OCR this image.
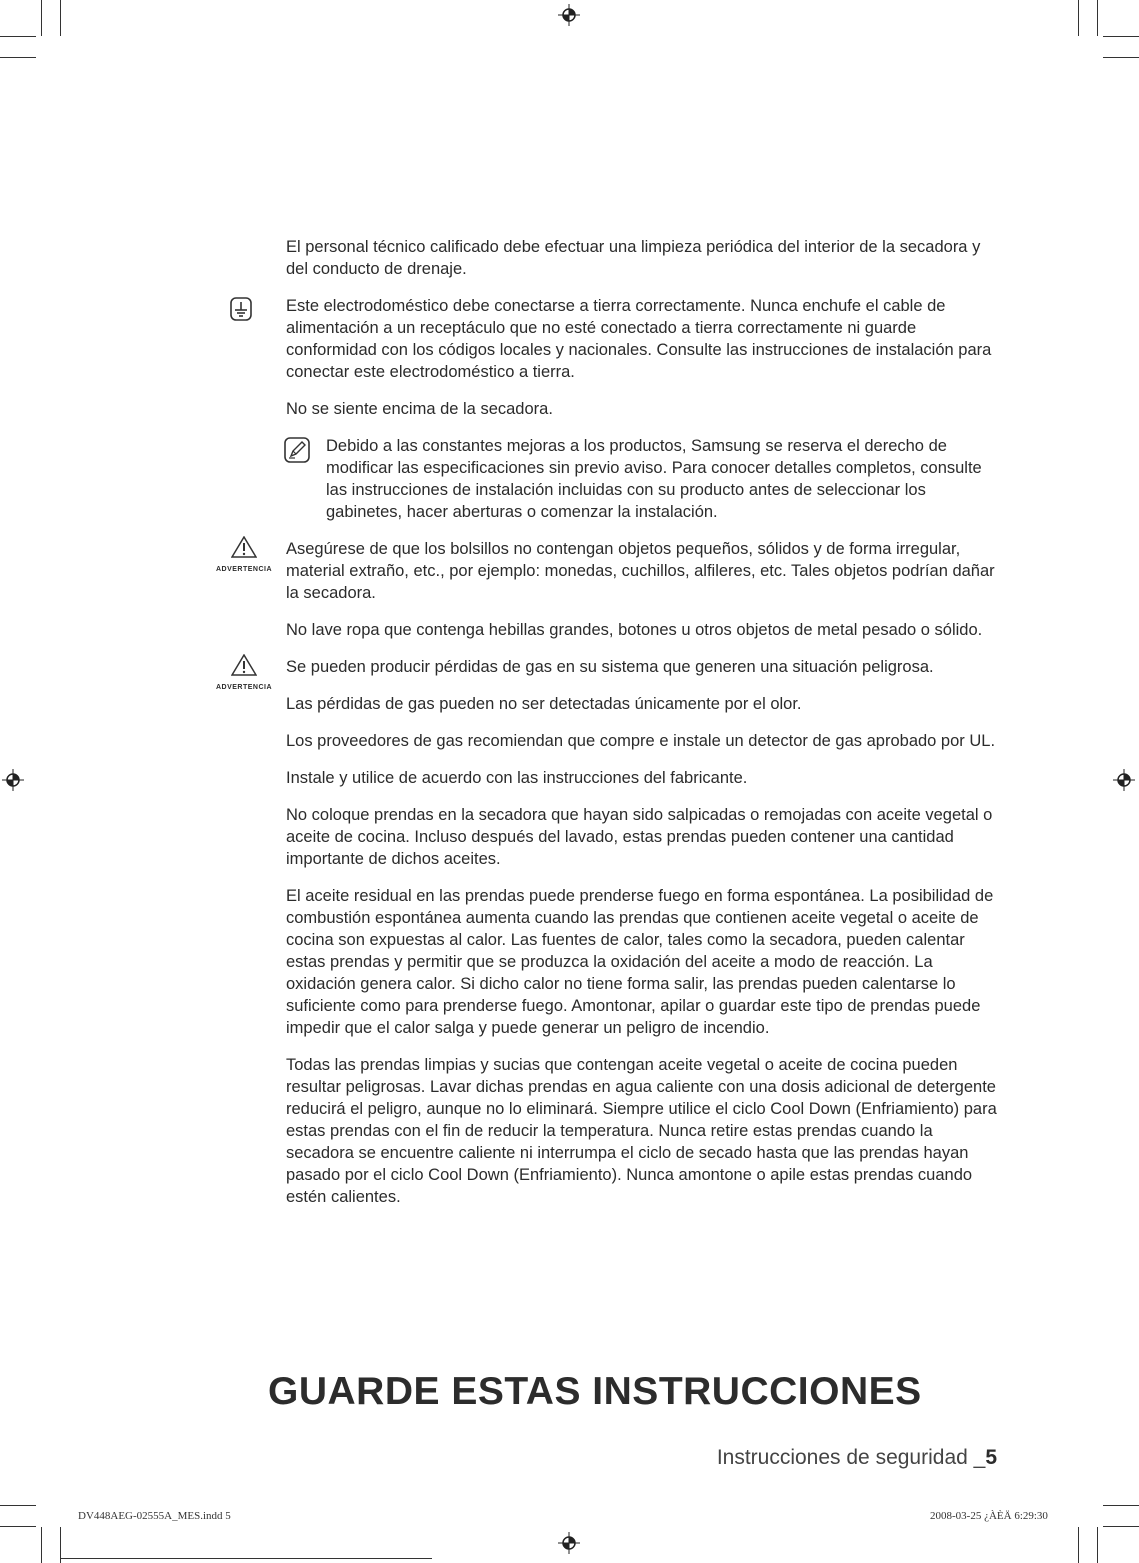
El personal técnico calificado debe efectuar una limpieza periódica del interior de la secadora y del conducto de drenaje.

Este electrodoméstico debe conectarse a tierra correctamente. Nunca enchufe el cable de alimentación a un receptáculo que no esté conectado a tierra correctamente ni guarde conformidad con los códigos locales y nacionales. Consulte las instrucciones de instalación para conectar este electrodoméstico a tierra.

No se siente encima de la secadora.

Debido a las constantes mejoras a los productos, Samsung se reserva el derecho de modificar las especificaciones sin previo aviso. Para conocer detalles completos, consulte las instrucciones de instalación incluidas con su producto antes de seleccionar los gabinetes, hacer aberturas o comenzar la instalación.
ADVERTENCIA
Asegúrese de que los bolsillos no contengan objetos pequeños, sólidos y de forma irregular, material extraño, etc., por ejemplo: monedas, cuchillos, alfileres, etc. Tales objetos podrían dañar la secadora.

No lave ropa que contenga hebillas grandes, botones u otros objetos de metal pesado o sólido.

ADVERTENCIA
Se pueden producir pérdidas de gas en su sistema que generen una situación peligrosa.

Las pérdidas de gas pueden no ser detectadas únicamente por el olor.

Los proveedores de gas recomiendan que compre e instale un detector de gas aprobado por UL.

Instale y utilice de acuerdo con las instrucciones del fabricante.

No coloque prendas en la secadora que hayan sido salpicadas o remojadas con aceite vegetal o aceite de cocina. Incluso después del lavado, estas prendas pueden contener una cantidad importante de dichos aceites.

El aceite residual en las prendas puede prenderse fuego en forma espontánea. La posibilidad de combustión espontánea aumenta cuando las prendas que contienen aceite vegetal o aceite de cocina son expuestas al calor. Las fuentes de calor, tales como la secadora, pueden calentar estas prendas y permitir que se produzca la oxidación del aceite a modo de reacción. La oxidación genera calor. Si dicho calor no tiene forma salir, las prendas pueden calentarse lo suficiente como para prenderse fuego. Amontonar, apilar o guardar este tipo de prendas puede impedir que el calor salga y puede generar un peligro de incendio.

Todas las prendas limpias y sucias que contengan aceite vegetal o aceite de cocina pueden resultar peligrosas. Lavar dichas prendas en agua caliente con una dosis adicional de detergente reducirá el peligro, aunque no lo eliminará. Siempre utilice el ciclo Cool Down (Enfriamiento) para estas prendas con el fin de reducir la temperatura. Nunca retire estas prendas cuando la secadora se encuentre caliente ni interrumpa el ciclo de secado hasta que las prendas hayan pasado por el ciclo Cool Down (Enfriamiento). Nunca amontone o apile estas prendas cuando estén calientes.

GUARDE ESTAS INSTRUCCIONES
Instrucciones de seguridad _5
DV448AEG-02555A_MES.indd 5	2008-03-25 ¿ÀÈÄ 6:29:30
